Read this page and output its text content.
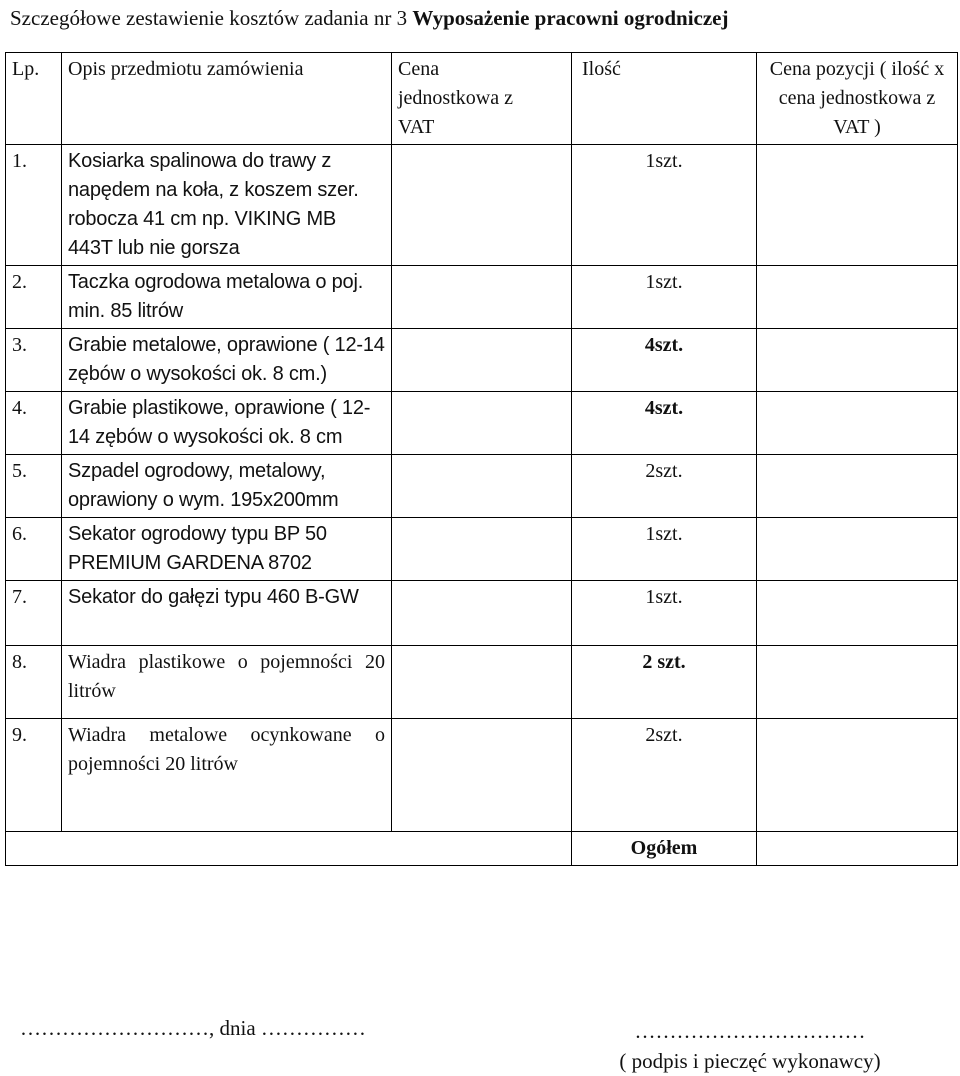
Szczegółowe zestawienie kosztów zadania nr 3 Wyposażenie pracowni ogrodniczej
Lp.	Opis przedmiotu zamówienia	Cena jednostkowa z VAT	Ilość	Cena pozycji ( ilość x cena jednostkowa z VAT )
1.	Kosiarka spalinowa do trawy z napędem na koła, z koszem szer. robocza 41 cm np. VIKING MB 443T lub nie gorsza		1szt.	
2.	Taczka ogrodowa metalowa o poj. min. 85 litrów		1szt.	
3.	Grabie metalowe, oprawione ( 12-14 zębów o wysokości ok. 8 cm.)		4szt.	
4.	Grabie plastikowe, oprawione ( 12-14 zębów o wysokości ok. 8 cm		4szt.	
5.	Szpadel ogrodowy, metalowy, oprawiony o wym. 195x200mm		2szt.	
6.	Sekator ogrodowy typu BP 50 PREMIUM GARDENA 8702		1szt.	
7.	Sekator do gałęzi typu 460 B-GW		1szt.	
8.	Wiadra plastikowe o pojemności 20 litrów		2 szt.	
9.	Wiadra metalowe ocynkowane o pojemności 20 litrów		2szt.	
			Ogółem	
………………………, dnia ……………	……………………………
( podpis i pieczęć wykonawcy)
